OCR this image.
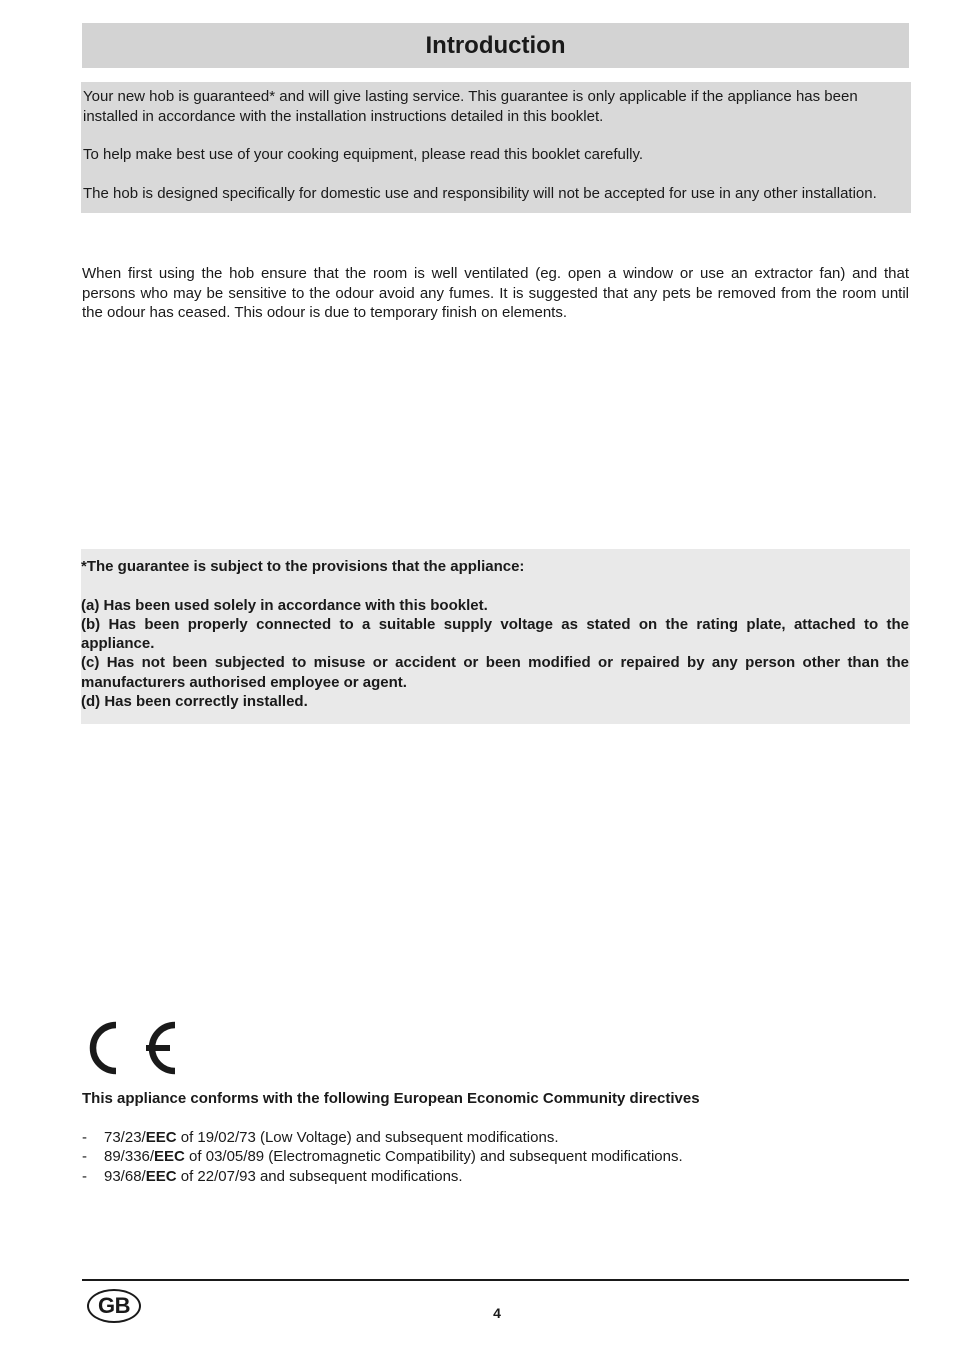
Introduction

Your new hob is guaranteed* and will give lasting service. This guarantee is only applicable if the appliance has been installed in accordance with the installation instructions detailed in this booklet.

To help make best use of your cooking equipment, please read this booklet carefully.

The hob is designed specifically for domestic use and responsibility will not be accepted for use in any other installation.

When first using the hob ensure that the room is well ventilated (eg. open a window or use an extractor fan) and that persons who may be sensitive to the odour avoid any fumes. It is suggested that any pets be removed from the room until the odour has ceased. This odour is due to temporary finish on elements.

*The guarantee is subject to the provisions that the appliance:

(a) Has been used solely in accordance with this booklet.

(b) Has been properly connected to a suitable supply voltage as stated on the rating plate, attached to the appliance.

(c) Has not been subjected to misuse or accident or been modified or repaired by any person other than the manufacturers authorised employee or agent.

(d) Has been correctly installed.

This appliance conforms with the following European Economic Community directives

-	73/23/EEC of 19/02/73 (Low Voltage) and subsequent modifications.
-	89/336/EEC of 03/05/89 (Electromagnetic Compatibility) and subsequent modifications.
-	93/68/EEC of 22/07/93 and subsequent modifications.
GB	4
